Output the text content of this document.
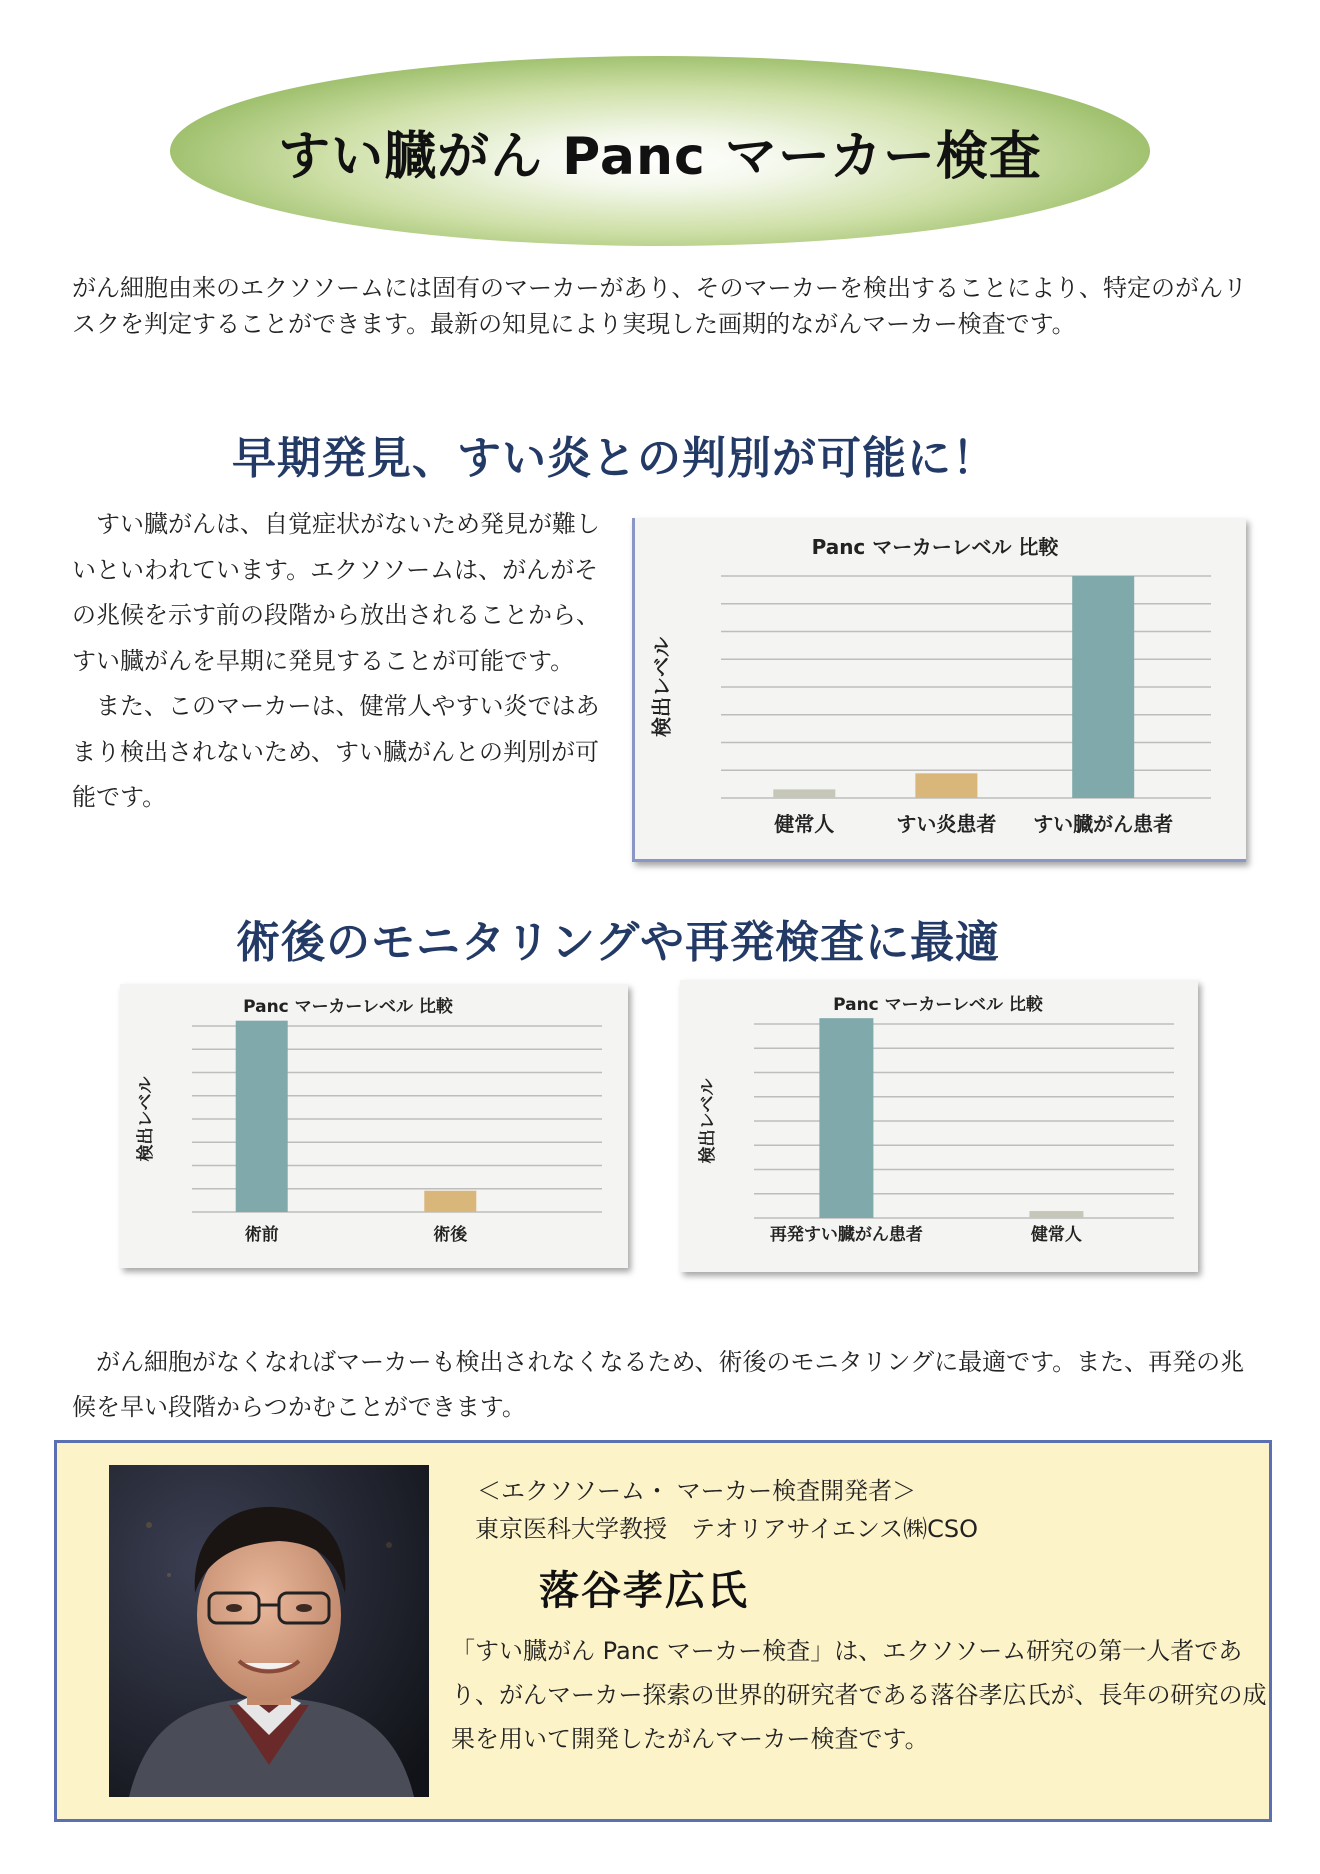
すい臓がん Panc マーカー検査

がん細胞由来のエクソソームには固有のマーカーがあり、そのマーカーを検出することにより、特定のがんリスクを判定することができます。最新の知見により実現した画期的ながんマーカー検査です。

早期発見、すい炎との判別が可能に！

すい臓がんは、自覚症状がないため発見が難しいといわれています。エクソソームは、がんがその兆候を示す前の段階から放出されることから、すい臓がんを早期に発見することが可能です。

また、このマーカーは、健常人やすい炎ではあまり検出されないため、すい臓がんとの判別が可能です。

Panc マーカーレベル 比較
検出レベル
健常人	すい炎患者 すい臓がん患者
術後のモニタリングや再発検査に最適
Panc マーカーレベル 比較
検出レベル
術前	術後
Panc マーカーレベル 比較
検出レベル
再発すい臓がん患者	健常人

がん細胞がなくなればマーカーも検出されなくなるため、術後のモニタリングに最適です。また、再発の兆候を早い段階からつかむことができます。

＜エクソソーム・ マーカー検査開発者＞
東京医科大学教授　テオリアサイエンス㈱CSO
落谷孝広氏

「すい臓がん Panc マーカー検査」は、エクソソーム研究の第一人者であり、がんマーカー探索の世界的研究者である落谷孝広氏が、長年の研究の成果を用いて開発したがんマーカー検査です。
